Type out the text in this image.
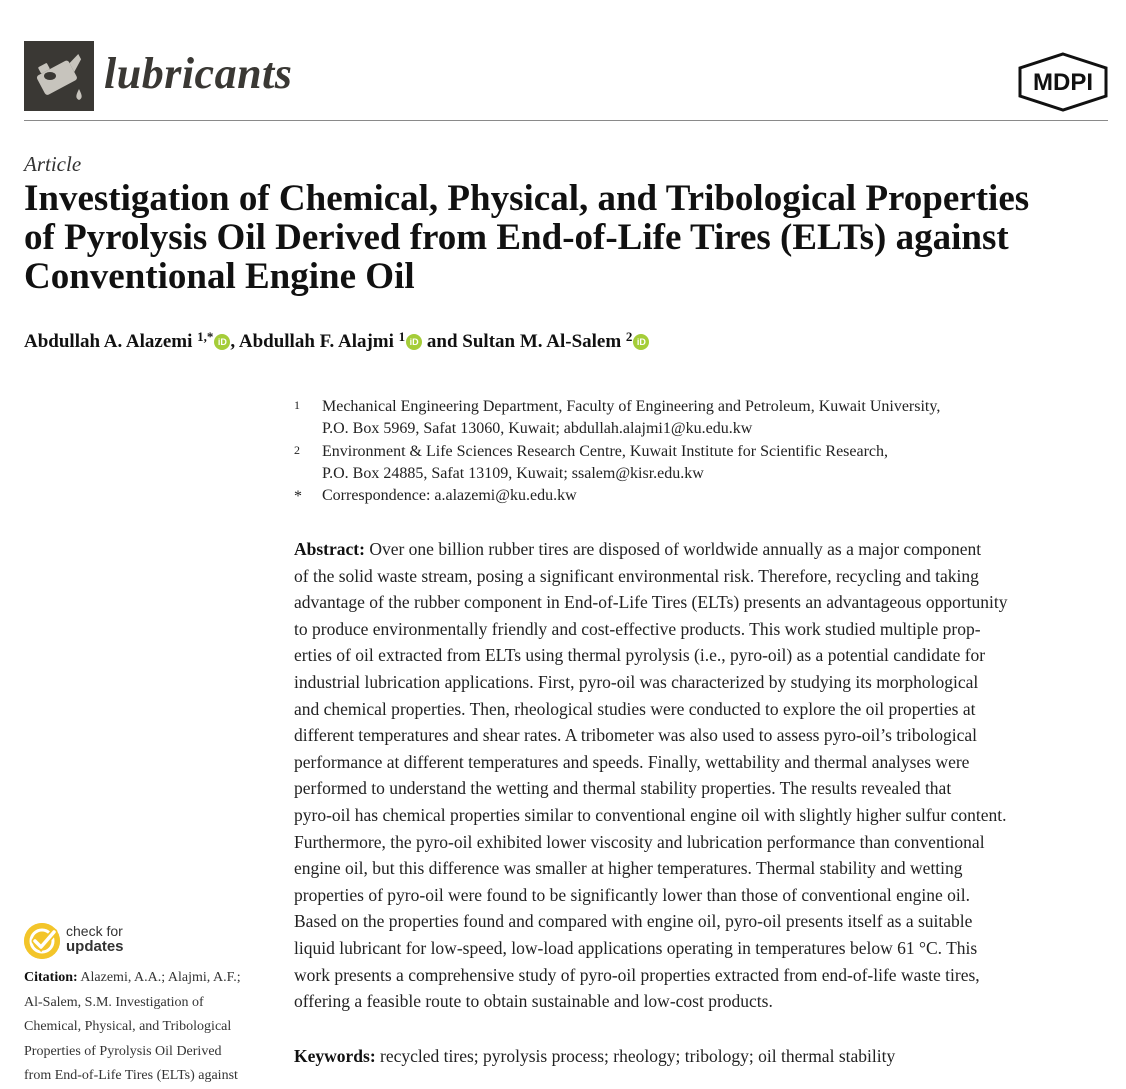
lubricants	MDPI
Article
Investigation of Chemical, Physical, and Tribological Properties
of Pyrolysis Oil Derived from End-of-Life Tires (ELTs) against
Conventional Engine Oil
Abdullah A. Alazemi $^{1,*}$ iD , Abdullah F. Alajmi $^1$ iD and Sultan M. Al-Salem $^2$ iD
1 Mechanical Engineering Department, Faculty of Engineering and Petroleum, Kuwait University,
P.O. Box 5969, Safat 13060, Kuwait; abdullah.alajmi1@ku.edu.kw
2 Environment & Life Sciences Research Centre, Kuwait Institute for Scientific Research,
P.O. Box 24885, Safat 13109, Kuwait; ssalem@kisr.edu.kw
* Correspondence: a.alazemi@ku.edu.kw
Abstract: Over one billion rubber tires are disposed of worldwide annually as a major component
of the solid waste stream, posing a significant environmental risk. Therefore, recycling and taking
advantage of the rubber component in End-of-Life Tires (ELTs) presents an advantageous opportunity
to produce environmentally friendly and cost-effective products. This work studied multiple prop-
erties of oil extracted from ELTs using thermal pyrolysis (i.e., pyro-oil) as a potential candidate for
industrial lubrication applications. First, pyro-oil was characterized by studying its morphological
and chemical properties. Then, rheological studies were conducted to explore the oil properties at
different temperatures and shear rates. A tribometer was also used to assess pyro-oil’s tribological
performance at different temperatures and speeds. Finally, wettability and thermal analyses were
performed to understand the wetting and thermal stability properties. The results revealed that
pyro-oil has chemical properties similar to conventional engine oil with slightly higher sulfur content.
Furthermore, the pyro-oil exhibited lower viscosity and lubrication performance than conventional
engine oil, but this difference was smaller at higher temperatures. Thermal stability and wetting
properties of pyro-oil were found to be significantly lower than those of conventional engine oil.
Based on the properties found and compared with engine oil, pyro-oil presents itself as a suitable
liquid lubricant for low-speed, low-load applications operating in temperatures below 61 °C. This
work presents a comprehensive study of pyro-oil properties extracted from end-of-life waste tires,
offering a feasible route to obtain sustainable and low-cost products.
Keywords: recycled tires; pyrolysis process; rheology; tribology; oil thermal stability
check for
updates
Citation: Alazemi, A.A.; Alajmi, A.F.;
Al-Salem, S.M. Investigation of
Chemical, Physical, and Tribological
Properties of Pyrolysis Oil Derived
from End-of-Life Tires (ELTs) against
